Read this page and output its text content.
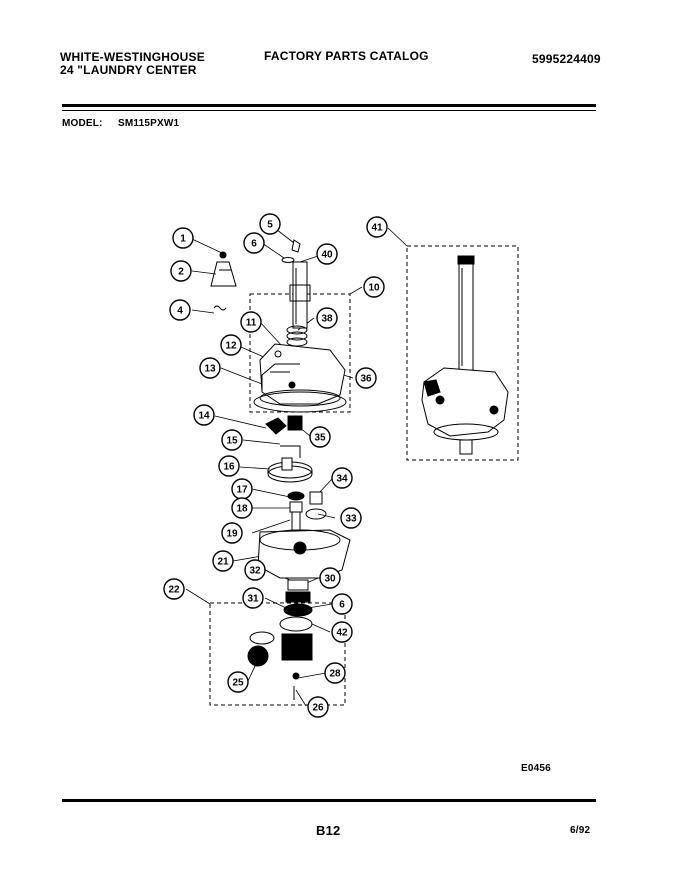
WHITE-WESTINGHOUSE
24 "LAUNDRY CENTER
FACTORY PARTS CATALOG	5995224409
MODEL: SM115PXW1
1
2
4
5
6
40
10
11	38
12
13
36
14
35
15
16
34
17
18
33
19
21
32
30
22
31
6
42
28
25
26
41
E0456
B12	6/92
